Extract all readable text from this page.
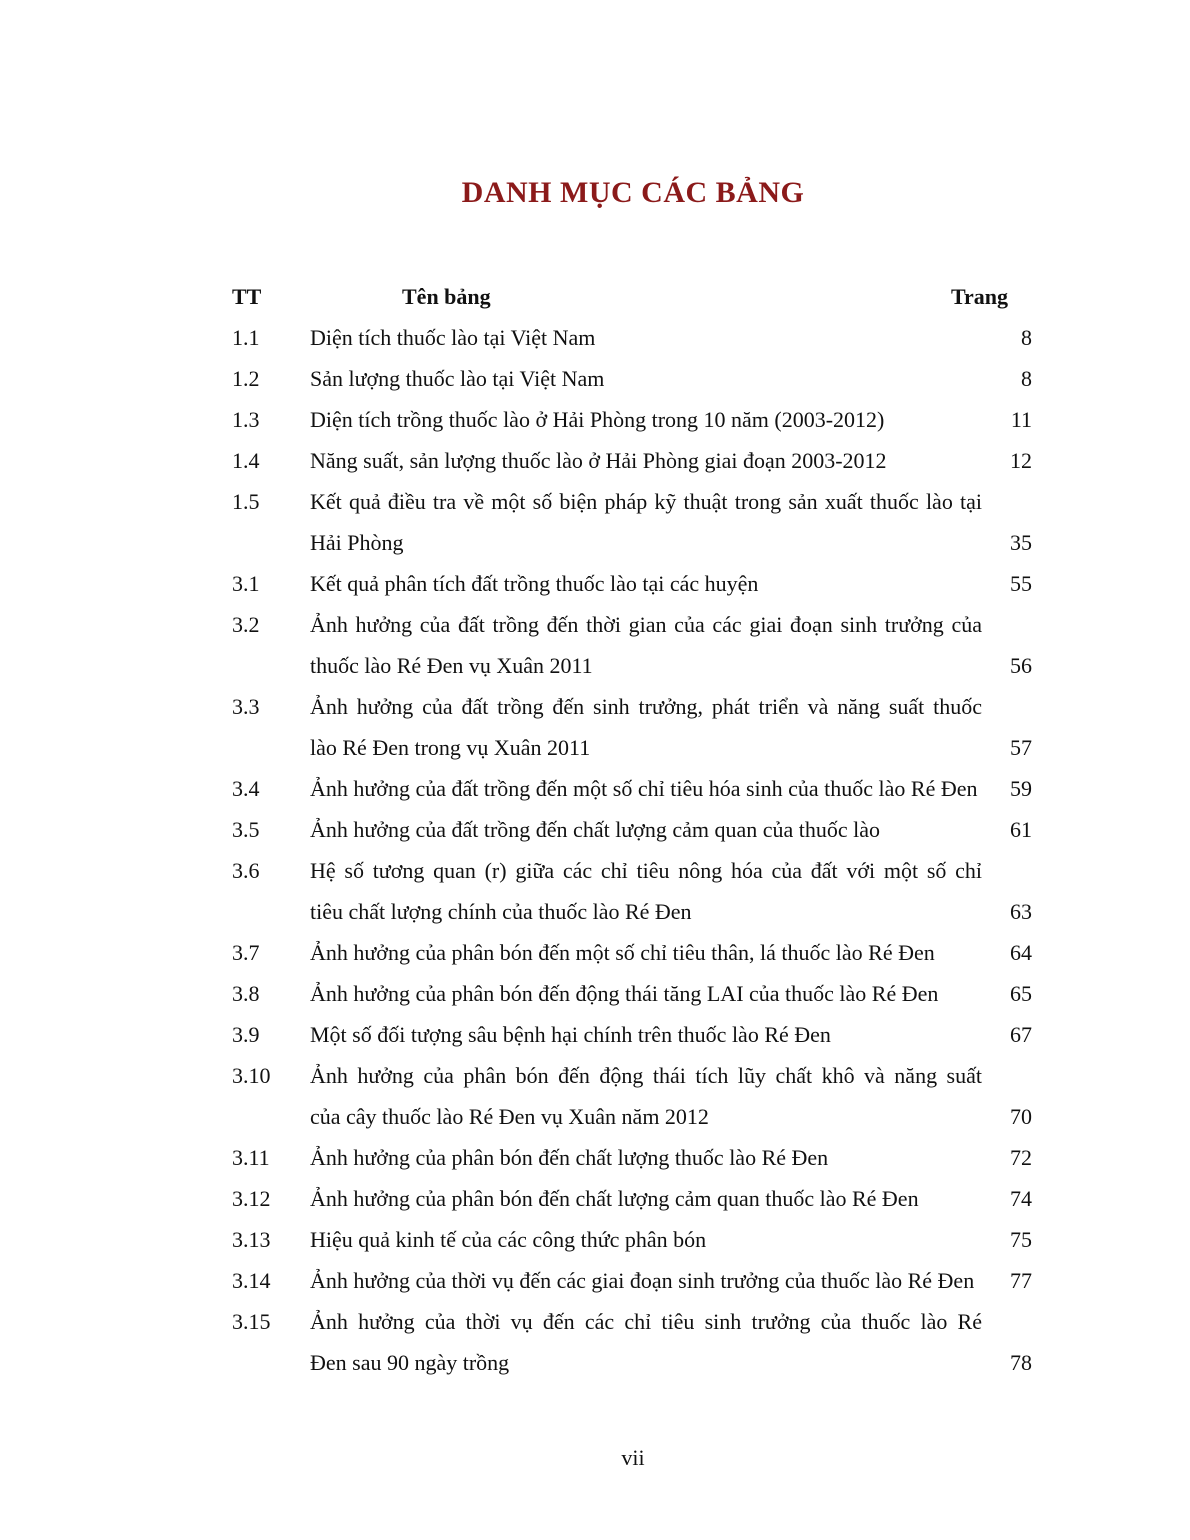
DANH MỤC CÁC BẢNG
TT	Tên bảng	Trang
1.1	Diện tích thuốc lào tại Việt Nam	8
1.2	Sản lượng thuốc lào tại Việt Nam	8
1.3	Diện tích trồng thuốc lào ở Hải Phòng trong 10 năm (2003-2012)	11
1.4	Năng suất, sản lượng thuốc lào ở Hải Phòng giai đoạn 2003-2012	12
1.5	Kết quả điều tra về một số biện pháp kỹ thuật trong sản xuất thuốc lào tại
Hải Phòng	35
3.1	Kết quả phân tích đất trồng thuốc lào tại các huyện	55
3.2	Ảnh hưởng của đất trồng đến thời gian của các giai đoạn sinh trưởng của
thuốc lào Ré Đen vụ Xuân 2011	56
3.3	Ảnh hưởng của đất trồng đến sinh trưởng, phát triển và năng suất thuốc
lào Ré Đen trong vụ Xuân 2011	57
3.4	Ảnh hưởng của đất trồng đến một số chỉ tiêu hóa sinh của thuốc lào Ré Đen 59
3.5	Ảnh hưởng của đất trồng đến chất lượng cảm quan của thuốc lào	61
3.6	Hệ số tương quan (r) giữa các chỉ tiêu nông hóa của đất với một số chỉ
tiêu chất lượng chính của thuốc lào Ré Đen	63
3.7	Ảnh hưởng của phân bón đến một số chỉ tiêu thân, lá thuốc lào Ré Đen	64
3.8	Ảnh hưởng của phân bón đến động thái tăng LAI của thuốc lào Ré Đen	65
3.9	Một số đối tượng sâu bệnh hại chính trên thuốc lào Ré Đen	67
3.10	Ảnh hưởng của phân bón đến động thái tích lũy chất khô và năng suất
của cây thuốc lào Ré Đen vụ Xuân năm 2012	70
3.11	Ảnh hưởng của phân bón đến chất lượng thuốc lào Ré Đen	72
3.12	Ảnh hưởng của phân bón đến chất lượng cảm quan thuốc lào Ré Đen	74
3.13	Hiệu quả kinh tế của các công thức phân bón	75
3.14	Ảnh hưởng của thời vụ đến các giai đoạn sinh trưởng của thuốc lào Ré Đen	77
3.15	Ảnh hưởng của thời vụ đến các chỉ tiêu sinh trưởng của thuốc lào Ré
Đen sau 90 ngày trồng	78
vii
